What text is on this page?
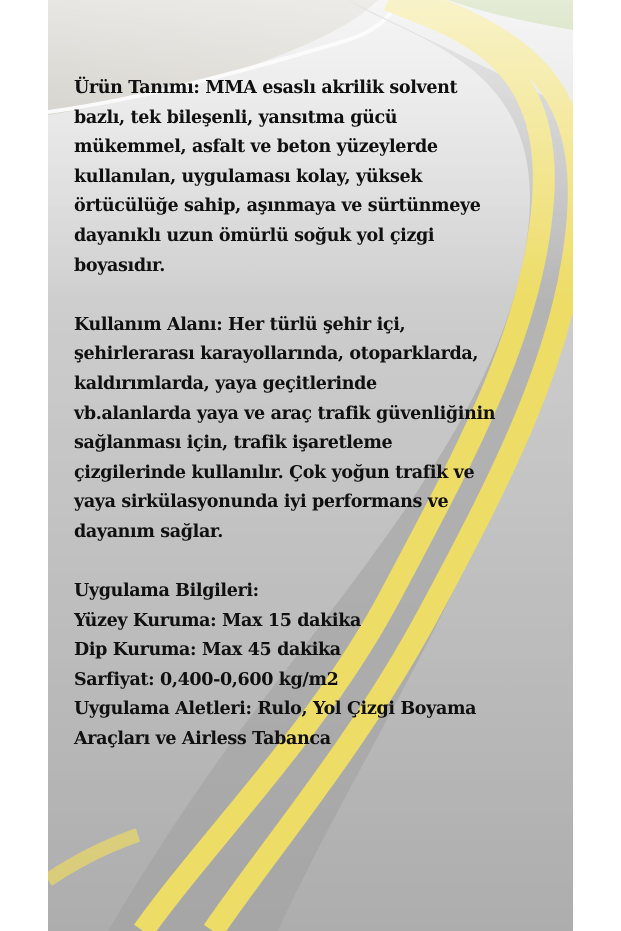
Ürün Tanımı: MMA esaslı akrilik solvent
bazlı, tek bileşenli, yansıtma gücü
mükemmel, asfalt ve beton yüzeylerde
kullanılan, uygulaması kolay, yüksek
örtücülüğe sahip, aşınmaya ve sürtünmeye
dayanıklı uzun ömürlü soğuk yol çizgi
boyasıdır.
Kullanım Alanı: Her türlü şehir içi,
şehirlerarası karayollarında, otoparklarda,
kaldırımlarda, yaya geçitlerinde
vb.alanlarda yaya ve araç trafik güvenliğinin
sağlanması için, trafik işaretleme
çizgilerinde kullanılır. Çok yoğun trafik ve
yaya sirkülasyonunda iyi performans ve
dayanım sağlar.
Uygulama Bilgileri:
Yüzey Kuruma: Max 15 dakika
Dip Kuruma: Max 45 dakika
Sarfiyat: 0,400-0,600 kg/m2
Uygulama Aletleri: Rulo, Yol Çizgi Boyama
Araçları ve Airless Tabanca
